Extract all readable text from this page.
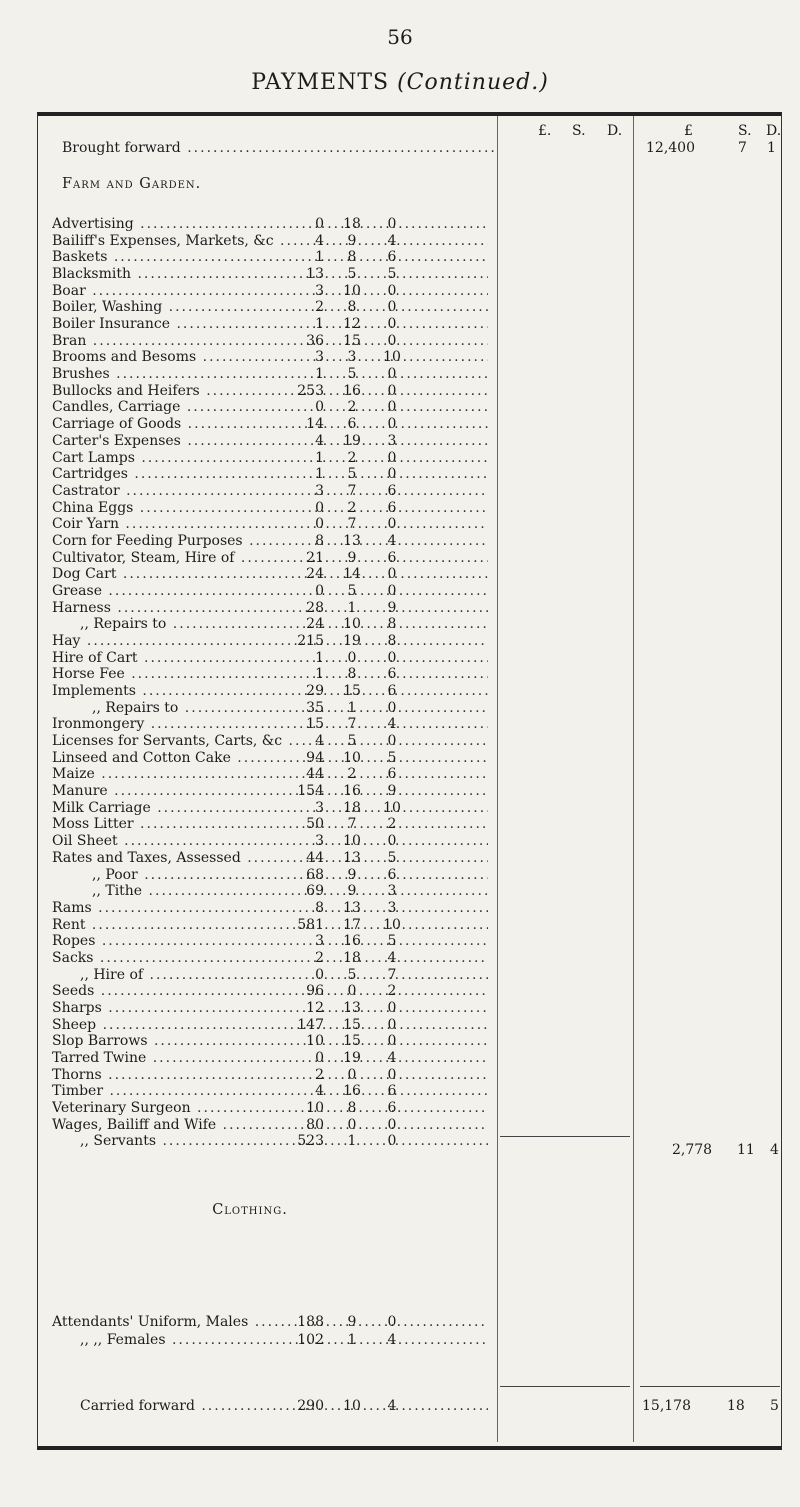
56
PAYMENTS (Continued.)
£. S. D.	£	S. D.
Brought forward .....	12,400	7 1
Farm and Garden.
Advertising .....	0	18	0
Bailiff's Expenses, Markets, &c .....	4	9	4
Baskets .....	1	8	6
Blacksmith .....	13	5	5
Boar .....	3	10	0
Boiler, Washing .....	2	8	0
Boiler Insurance .....	1	12	0
Bran .....	36	15	0
Brooms and Besoms .....	3	3	10
Brushes .....	1	5	0
Bullocks and Heifers .....	253	16	0
Candles, Carriage .....	0	2	0
Carriage of Goods .....	14	6	0
Carter's Expenses .....	4	19	3
Cart Lamps .....	1	2	0
Cartridges .....	1	5	0
Castrator .....	3	7	6
China Eggs .....	0	2	6
Coir Yarn .....	0	7	0
Corn for Feeding Purposes .....	8	13	4
Cultivator, Steam, Hire of .....	21	9	6
Dog Cart .....	24	14	0
Grease .....	0	5	0
Harness .....	28	1	9
,, Repairs to .....	24	10	8
Hay .....	215	19	8
Hire of Cart .....	1	0	0
Horse Fee .....	1	8	6
Implements .....	29	15	6
,, Repairs to .....	35	1	0
Ironmongery .....	15	7	4
Licenses for Servants, Carts, &c .....	4	5	0
Linseed and Cotton Cake .....	94	10	5
Maize .....	44	2	6
Manure .....	154	16	9
Milk Carriage .....	3	18	10
Moss Litter .....	50	7	2
Oil Sheet .....	3	10	0
Rates and Taxes, Assessed .....	44	13	5
,, Poor .....	68	9	6
,, Tithe .....	69	9	3
Rams .....	8	13	3
Rent .....	581	17	10
Ropes .....	3	16	5
Sacks .....	2	18	4
,, Hire of .....	0	5	7
Seeds .....	96	0	2
Sharps .....	12	13	0
Sheep .....	147	15	0
Slop Barrows .....	10	15	0
Tarred Twine .....	0	19	4
Thorns .....	2	0	0
Timber .....	4	16	6
Veterinary Surgeon .....	10	8	6
Wages, Bailiff and Wife .....	80	0	0
,, Servants .....	523	1	0
2,778 11 4
Clothing.
Attendants' Uniform, Males .....	188	9	0
,, ,, Females .....	102	1	4
Carried forward .....	290	10	4	15,178	18 5
